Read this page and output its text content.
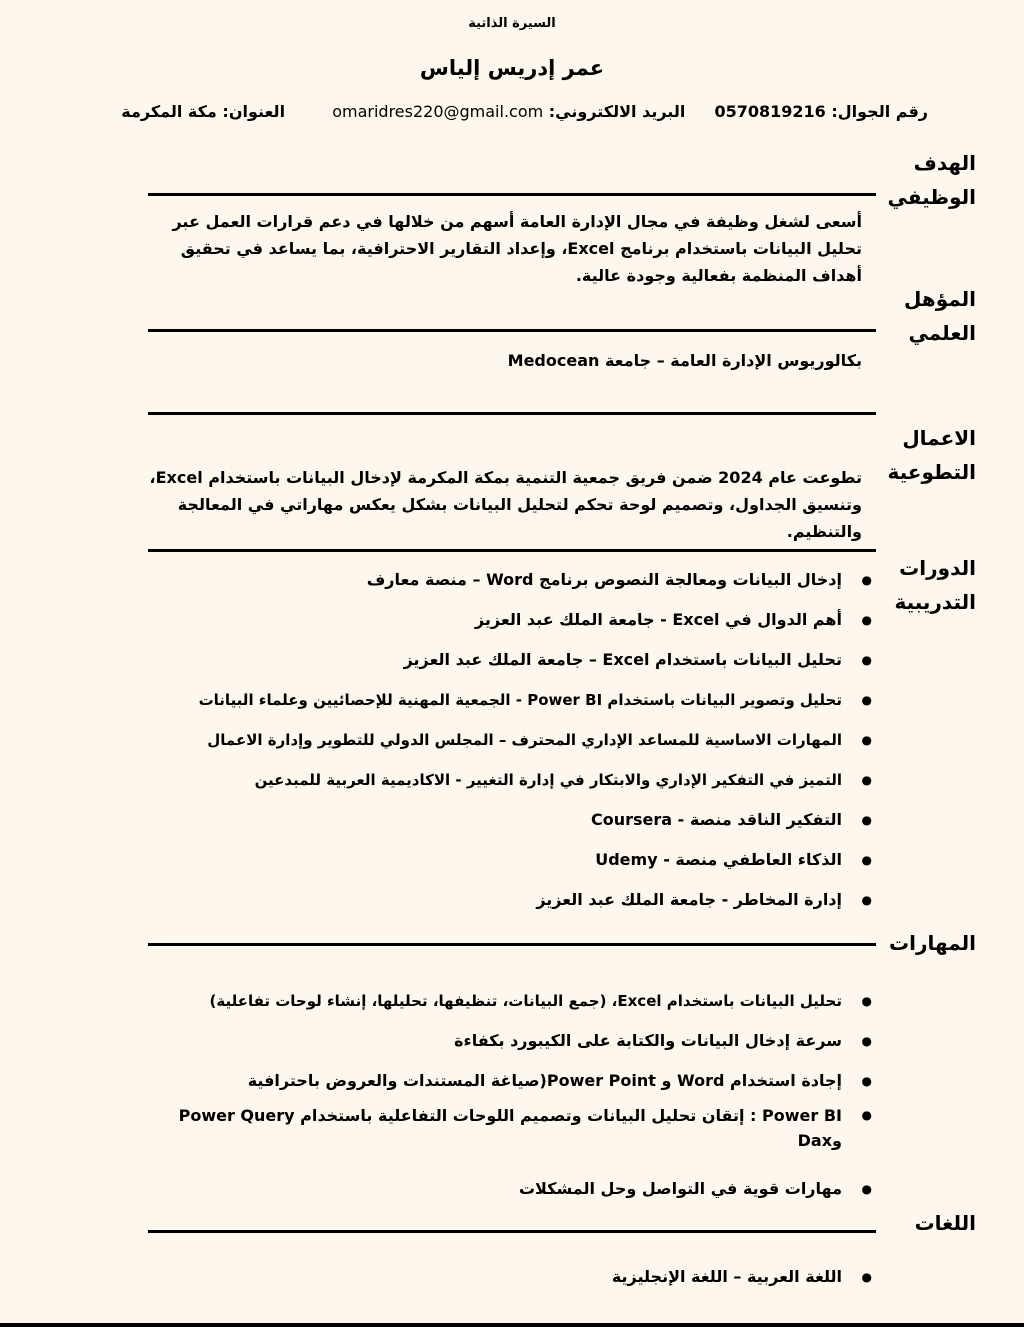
السيرة الذاتية
عمر إدريس إلياس
رقم الجوال: 0570819216  البريد الالكتروني: omaridres220@gmail.com  العنوان: مكة المكرمة
الهدف الوظيفي
أسعى لشغل وظيفة في مجال الإدارة العامة أسهم من خلالها في دعم قرارات العمل عبر تحليل البيانات باستخدام برنامج Excel، وإعداد التقارير الاحترافية، بما يساعد في تحقيق أهداف المنظمة بفعالية وجودة عالية.
المؤهل العلمي
بكالوريوس الإدارة العامة – جامعة Medocean
الاعمال التطوعية
تطوعت عام 2024 ضمن فريق جمعية التنمية بمكة المكرمة لإدخال البيانات باستخدام Excel، وتنسيق الجداول، وتصميم لوحة تحكم لتحليل البيانات بشكل يعكس مهاراتي في المعالجة والتنظيم.
الدورات التدريبية
●
إدخال البيانات ومعالجة النصوص برنامج Word – منصة معارف
●
أهم الدوال في Excel - جامعة الملك عبد العزيز
●
تحليل البيانات باستخدام Excel – جامعة الملك عبد العزيز
●
تحليل وتصوير البيانات باستخدام Power BI - الجمعية المهنية للإحصائيين وعلماء البيانات
●
المهارات الاساسية للمساعد الإداري المحترف – المجلس الدولي للتطوير وإدارة الاعمال
●
التميز في التفكير الإداري والابتكار في إدارة التغيير - الاكاديمية العربية للمبدعين
●
التفكير الناقد منصة - Coursera
●
الذكاء العاطفي منصة - Udemy
●
إدارة المخاطر - جامعة الملك عبد العزيز
المهارات
●
تحليل البيانات باستخدام Excel، (جمع البيانات، تنظيفها، تحليلها، إنشاء لوحات تفاعلية)
●
سرعة إدخال البيانات والكتابة على الكيبورد بكفاءة
●
إجادة استخدام Word و Power Point(صياغة المستندات والعروض باحترافية
●
Power BI : إتقان تحليل البيانات وتصميم اللوحات التفاعلية باستخدام Power Query وDax
●
مهارات قوية في التواصل وحل المشكلات
اللغات
●
اللغة العربية – اللغة الإنجليزية
